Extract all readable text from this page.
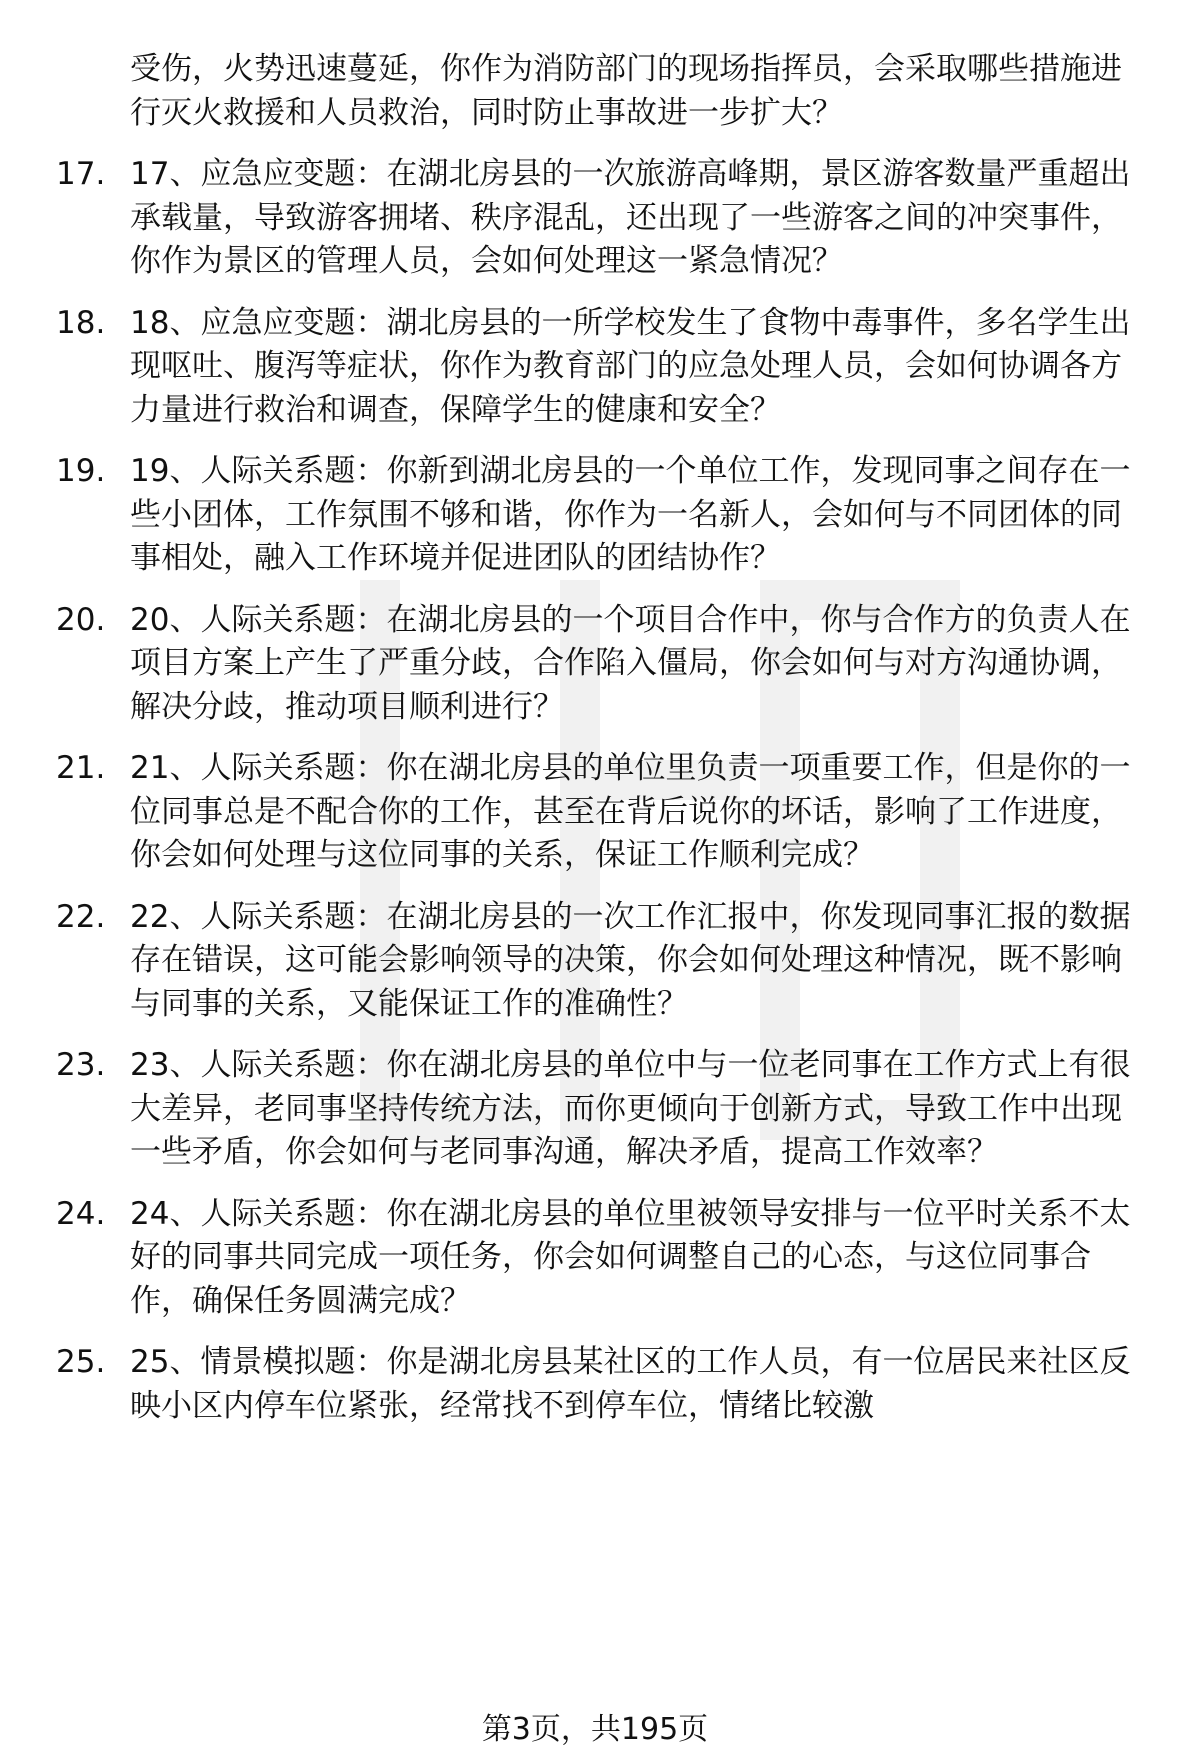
受伤，火势迅速蔓延，你作为消防部门的现场指挥员，会采取哪些措施进行灭火救援和人员救治，同时防止事故进一步扩大？
17. 17、应急应变题：在湖北房县的一次旅游高峰期，景区游客数量严重超出承载量，导致游客拥堵、秩序混乱，还出现了一些游客之间的冲突事件，你作为景区的管理人员，会如何处理这一紧急情况？
18. 18、应急应变题：湖北房县的一所学校发生了食物中毒事件，多名学生出现呕吐、腹泻等症状，你作为教育部门的应急处理人员，会如何协调各方力量进行救治和调查，保障学生的健康和安全？
19. 19、人际关系题：你新到湖北房县的一个单位工作，发现同事之间存在一些小团体，工作氛围不够和谐，你作为一名新人，会如何与不同团体的同事相处，融入工作环境并促进团队的团结协作？
20. 20、人际关系题：在湖北房县的一个项目合作中，你与合作方的负责人在项目方案上产生了严重分歧，合作陷入僵局，你会如何与对方沟通协调，解决分歧，推动项目顺利进行？
21. 21、人际关系题：你在湖北房县的单位里负责一项重要工作，但是你的一位同事总是不配合你的工作，甚至在背后说你的坏话，影响了工作进度，你会如何处理与这位同事的关系，保证工作顺利完成？
22. 22、人际关系题：在湖北房县的一次工作汇报中，你发现同事汇报的数据存在错误，这可能会影响领导的决策，你会如何处理这种情况，既不影响与同事的关系，又能保证工作的准确性？
23. 23、人际关系题：你在湖北房县的单位中与一位老同事在工作方式上有很大差异，老同事坚持传统方法，而你更倾向于创新方式，导致工作中出现一些矛盾，你会如何与老同事沟通，解决矛盾，提高工作效率？
24. 24、人际关系题：你在湖北房县的单位里被领导安排与一位平时关系不太好的同事共同完成一项任务，你会如何调整自己的心态，与这位同事合作，确保任务圆满完成？
25. 25、情景模拟题：你是湖北房县某社区的工作人员，有一位居民来社区反映小区内停车位紧张，经常找不到停车位，情绪比较激
第3页，共195页
